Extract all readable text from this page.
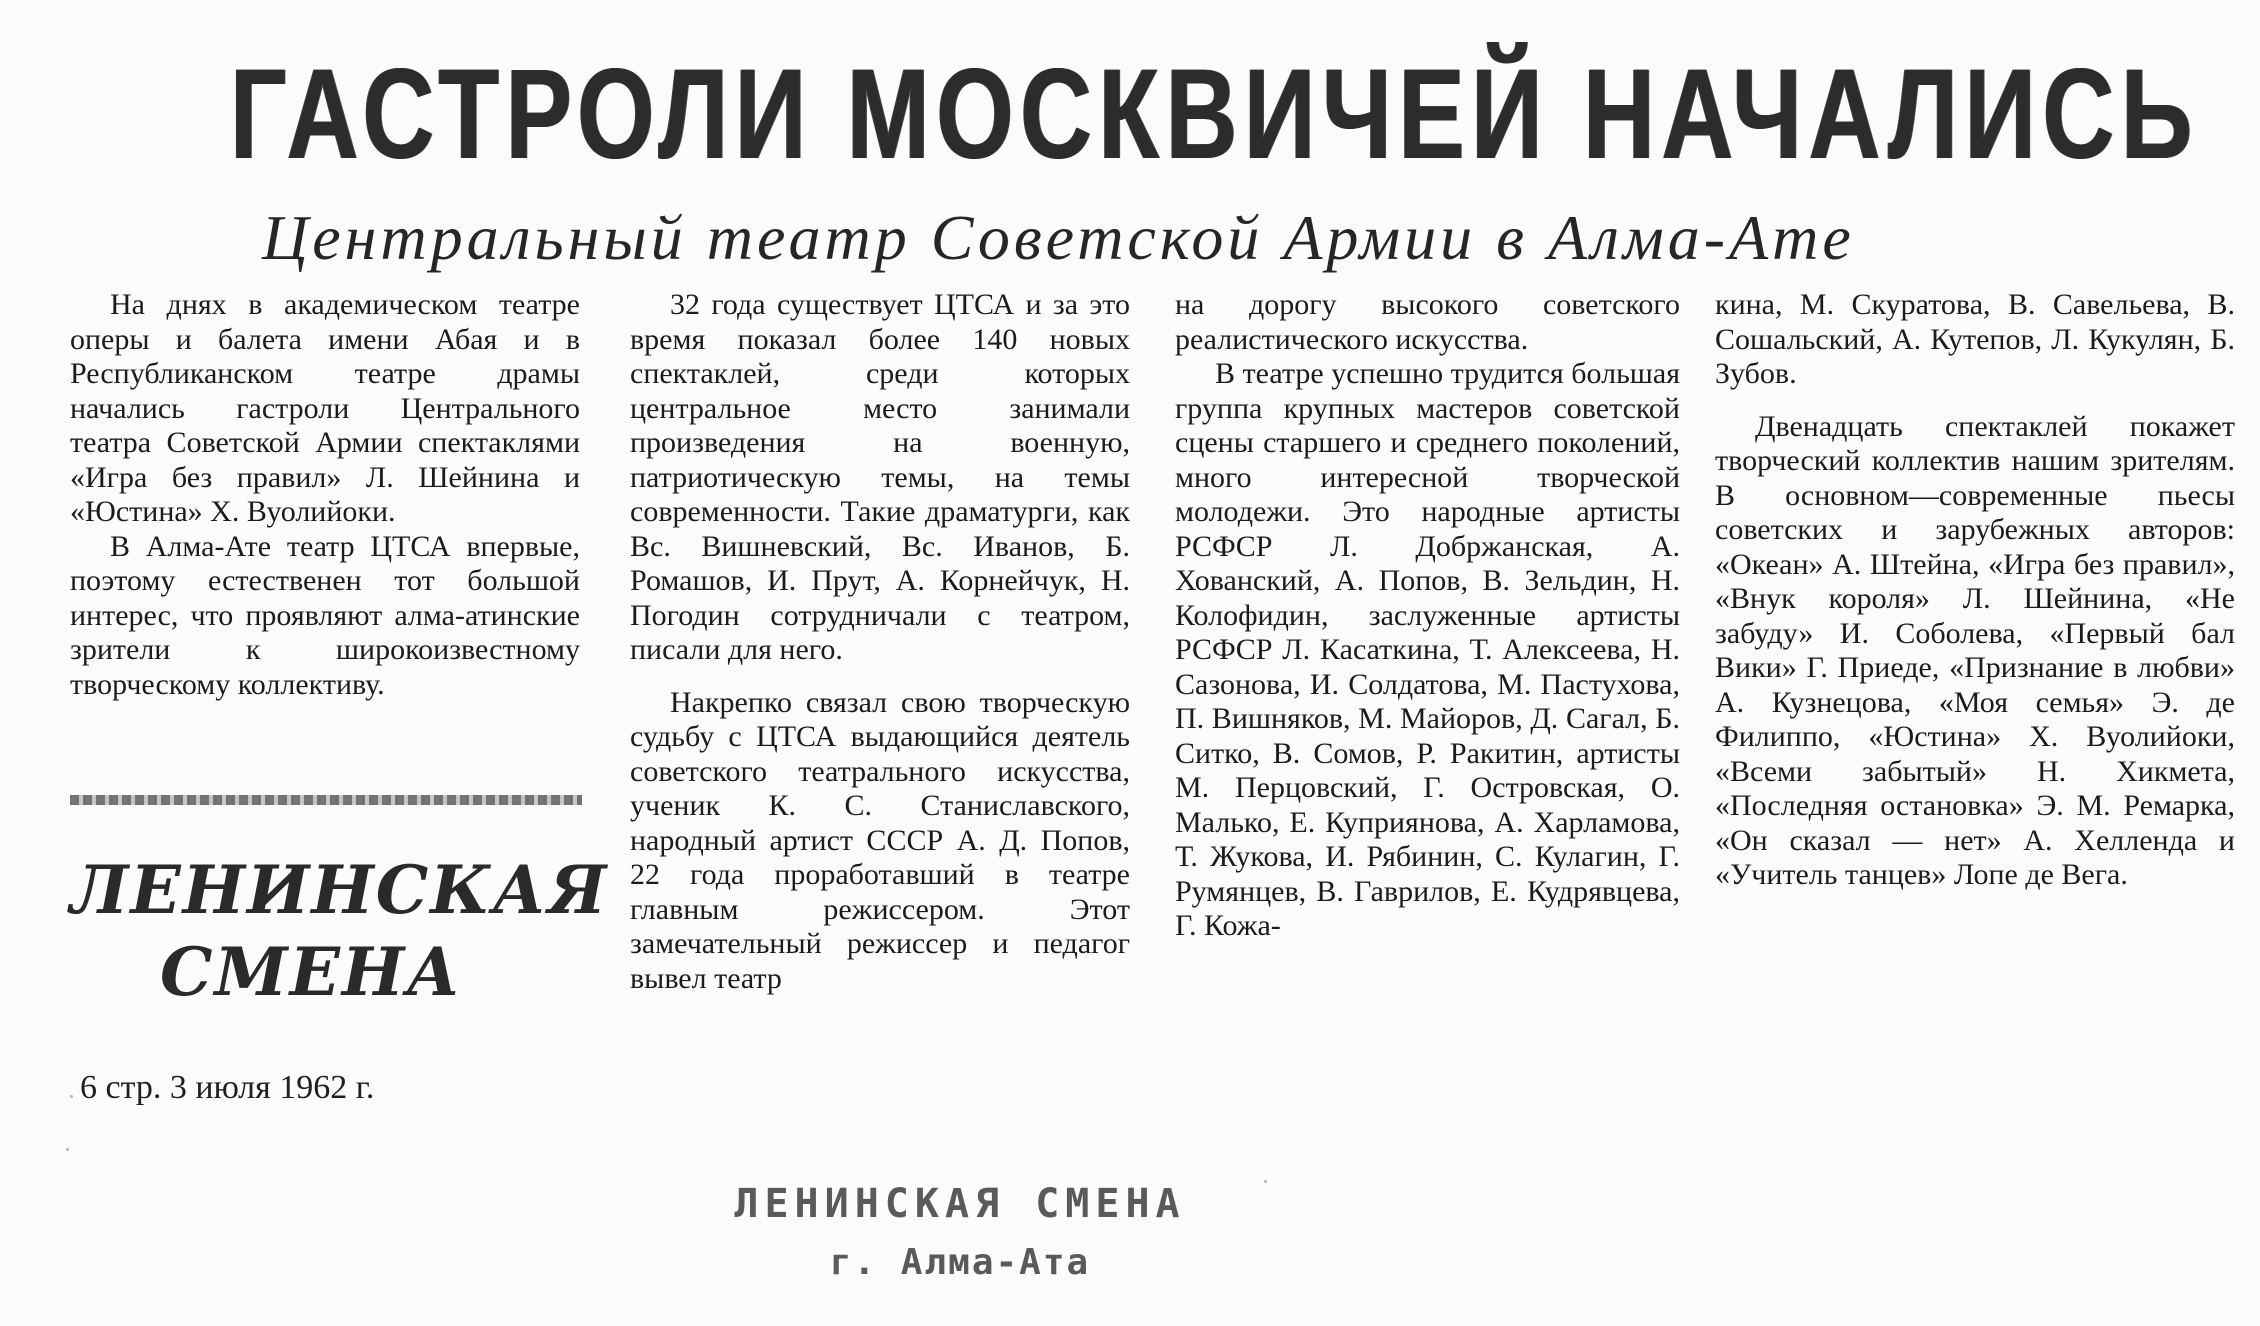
ГАСТРОЛИ МОСКВИЧЕЙ НАЧАЛИСЬ
Центральный театр Советской Армии в Алма-Ате

На днях в академическом театре оперы и балета имени Абая и в Республиканском театре драмы начались гастроли Центрального театра Советской Армии спектаклями «Игра без правил» Л. Шейнина и «Юстина» Х. Вуолийоки.

В Алма-Ате театр ЦТСА впервые, поэтому естественен тот большой интерес, что проявляют алма-атинские зрители к широкоизвестному творческому коллективу.

ЛЕНИНСКАЯ
СМЕНА
6 стр. 3 июля 1962 г.

32 года существует ЦТСА и за это время показал более 140 новых спектаклей, среди которых центральное место занимали произведения на военную, патриотическую темы, на темы современности. Такие драматурги, как Вс. Вишневский, Вс. Иванов, Б. Ромашов, И. Прут, А. Корнейчук, Н. Погодин сотрудничали с театром, писали для него.

Накрепко связал свою творческую судьбу с ЦТСА выдающийся деятель советского театрального искусства, ученик К. С. Станиславского, народный артист СССР А. Д. Попов, 22 года проработавший в театре главным режиссером. Этот замечательный режиссер и педагог вывел театр

на дорогу высокого советского реалистического искусства.

В театре успешно трудится большая группа крупных мастеров советской сцены старшего и среднего поколений, много интересной творческой молодежи. Это народные артисты РСФСР Л. Добржанская, А. Хованский, А. Попов, В. Зельдин, Н. Колофидин, заслуженные артисты РСФСР Л. Касаткина, Т. Алексеева, Н. Сазонова, И. Солдатова, М. Пастухова, П. Вишняков, М. Майоров, Д. Сагал, Б. Ситко, В. Сомов, Р. Ракитин, артисты М. Перцовский, Г. Островская, О. Малько, Е. Куприянова, А. Харламова, Т. Жукова, И. Рябинин, С. Кулагин, Г. Румянцев, В. Гаврилов, Е. Кудрявцева, Г. Кожа-

кина, М. Скуратова, В. Савельева, В. Сошальский, А. Кутепов, Л. Кукулян, Б. Зубов.

Двенадцать спектаклей покажет творческий коллектив нашим зрителям. В основном—современные пьесы советских и зарубежных авторов: «Океан» А. Штейна, «Игра без правил», «Внук короля» Л. Шейнина, «Не забуду» И. Соболева, «Первый бал Вики» Г. Приеде, «Признание в любви» А. Кузнецова, «Моя семья» Э. де Филиппо, «Юстина» Х. Вуолийоки, «Всеми забытый» Н. Хикмета, «Последняя остановка» Э. М. Ремарка, «Он сказал — нет» А. Хелленда и «Учитель танцев» Лопе де Вега.

ЛЕНИНСКАЯ СМЕНА
г. Алма-Ата
